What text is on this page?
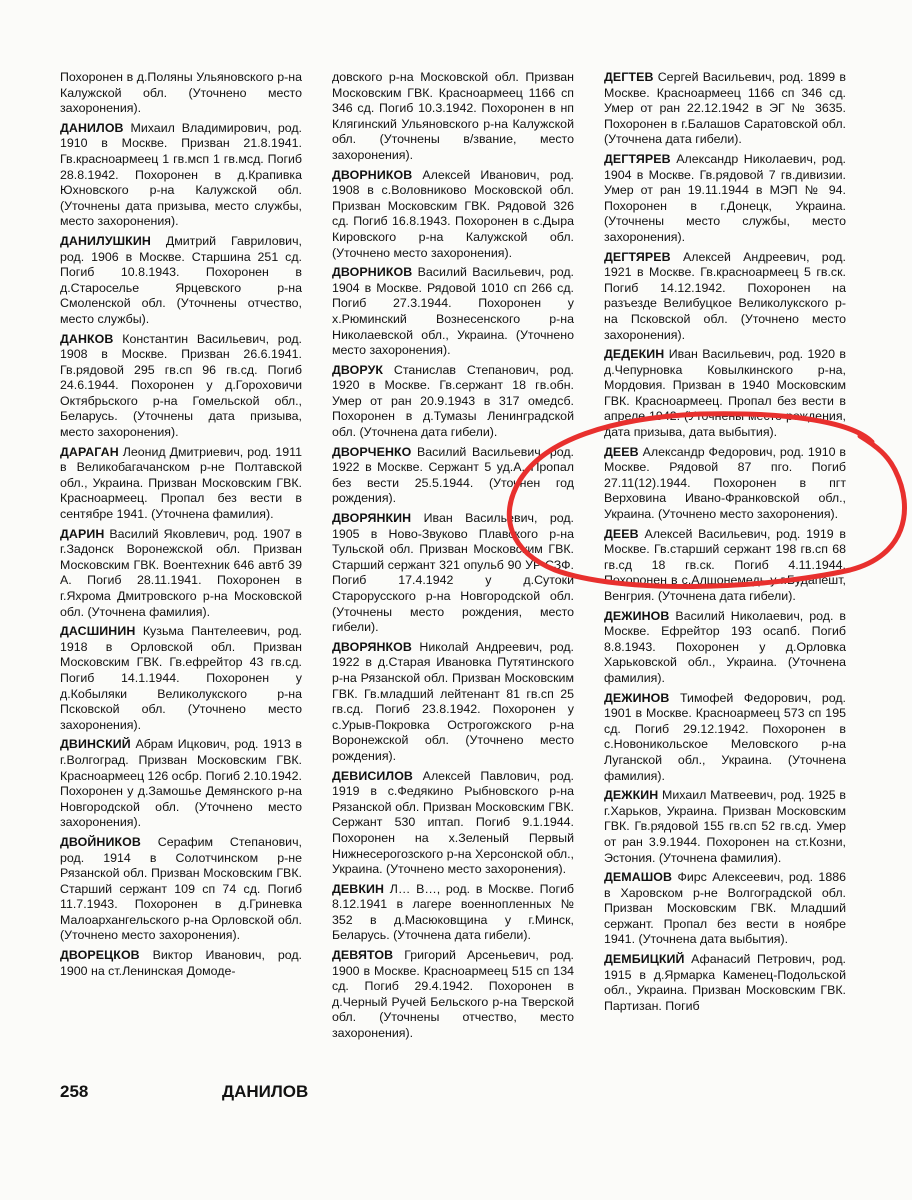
Похоронен в д.Поляны Ульяновского р-на Калужской обл. (Уточнено место захоронения).

ДАНИЛОВ Михаил Владимирович, род. 1910 в Москве. Призван 21.8.1941. Гв.красноармеец 1 гв.мсп 1 гв.мсд. Погиб 28.8.1942. Похоронен в д.Крапивка Юхновского р-на Калужской обл. (Уточнены дата призыва, место службы, место захоронения).

ДАНИЛУШКИН Дмитрий Гаврилович, род. 1906 в Москве. Старшина 251 сд. Погиб 10.8.1943. Похоронен в д.Староселье Ярцевского р-на Смоленской обл. (Уточнены отчество, место службы).

ДАНКОВ Константин Васильевич, род. 1908 в Москве. Призван 26.6.1941. Гв.рядовой 295 гв.сп 96 гв.сд. Погиб 24.6.1944. Похоронен у д.Гороховичи Октябрьского р-на Гомельской обл., Беларусь. (Уточнены дата призыва, место захоронения).

ДАРАГАН Леонид Дмитриевич, род. 1911 в Великобагачанском р-не Полтавской обл., Украина. Призван Московским ГВК. Красноармеец. Пропал без вести в сентябре 1941. (Уточнена фамилия).

ДАРИН Василий Яковлевич, род. 1907 в г.Задонск Воронежской обл. Призван Московским ГВК. Воентехник 646 автб 39 А. Погиб 28.11.1941. Похоронен в г.Яхрома Дмитровского р-на Московской обл. (Уточнена фамилия).

ДАСШИНИН Кузьма Пантелеевич, род. 1918 в Орловской обл. Призван Московским ГВК. Гв.ефрейтор 43 гв.сд. Погиб 14.1.1944. Похоронен у д.Кобыляки Великолукского р-на Псковской обл. (Уточнено место захоронения).

ДВИНСКИЙ Абрам Ицкович, род. 1913 в г.Волгоград. Призван Московским ГВК. Красноармеец 126 осбр. Погиб 2.10.1942. Похоронен у д.Замошье Демянского р-на Новгородской обл. (Уточнено место захоронения).

ДВОЙНИКОВ Серафим Степанович, род. 1914 в Солотчинском р-не Рязанской обл. Призван Московским ГВК. Старший сержант 109 сп 74 сд. Погиб 11.7.1943. Похоронен в д.Гриневка Малоархангельского р-на Орловской обл. (Уточнено место захоронения).

ДВОРЕЦКОВ Виктор Иванович, род. 1900 на ст.Ленинская Домоде-

довского р-на Московской обл. Призван Московским ГВК. Красноармеец 1166 сп 346 сд. Погиб 10.3.1942. Похоронен в нп Клягинский Ульяновского р-на Калужской обл. (Уточнены в/звание, место захоронения).

ДВОРНИКОВ Алексей Иванович, род. 1908 в с.Воловниково Московской обл. Призван Московским ГВК. Рядовой 326 сд. Погиб 16.8.1943. Похоронен в с.Дыра Кировского р-на Калужской обл. (Уточнено место захоронения).

ДВОРНИКОВ Василий Васильевич, род. 1904 в Москве. Рядовой 1010 сп 266 сд. Погиб 27.3.1944. Похоронен у х.Рюминский Вознесенского р-на Николаевской обл., Украина. (Уточнено место захоронения).

ДВОРУК Станислав Степанович, род. 1920 в Москве. Гв.сержант 18 гв.обн. Умер от ран 20.9.1943 в 317 омедсб. Похоронен в д.Тумазы Ленинградской обл. (Уточнена дата гибели).

ДВОРЧЕНКО Василий Васильевич, род. 1922 в Москве. Сержант 5 уд.А. Пропал без вести 25.5.1944. (Уточнен год рождения).

ДВОРЯНКИН Иван Васильевич, род. 1905 в Ново-Звуково Плавского р-на Тульской обл. Призван Московским ГВК. Старший сержант 321 опульб 90 УР СЗФ. Погиб 17.4.1942 у д.Сутоки Старорусского р-на Новгородской обл. (Уточнены место рождения, место гибели).

ДВОРЯНКОВ Николай Андреевич, род. 1922 в д.Старая Ивановка Путятинского р-на Рязанской обл. Призван Московским ГВК. Гв.младший лейтенант 81 гв.сп 25 гв.сд. Погиб 23.8.1942. Похоронен у с.Урыв-Покровка Острогожского р-на Воронежской обл. (Уточнено место рождения).

ДЕВИСИЛОВ Алексей Павлович, род. 1919 в с.Федякино Рыбновского р-на Рязанской обл. Призван Московским ГВК. Сержант 530 иптап. Погиб 9.1.1944. Похоронен на х.Зеленый Первый Нижнесерогозского р-на Херсонской обл., Украина. (Уточнено место захоронения).

ДЕВКИН Л… В…, род. в Москве. Погиб 8.12.1941 в лагере военнопленных № 352 в д.Масюковщина у г.Минск, Беларусь. (Уточнена дата гибели).

ДЕВЯТОВ Григорий Арсеньевич, род. 1900 в Москве. Красноармеец 515 сп 134 сд. Погиб 29.4.1942. Похоронен в д.Черный Ручей Бельского р-на Тверской обл. (Уточнены отчество, место захоронения).

ДЕГТЕВ Сергей Васильевич, род. 1899 в Москве. Красноармеец 1166 сп 346 сд. Умер от ран 22.12.1942 в ЭГ № 3635. Похоронен в г.Балашов Саратовской обл. (Уточнена дата гибели).

ДЕГТЯРЕВ Александр Николаевич, род. 1904 в Москве. Гв.рядовой 7 гв.дивизии. Умер от ран 19.11.1944 в МЭП № 94. Похоронен в г.Донецк, Украина. (Уточнены место службы, место захоронения).

ДЕГТЯРЕВ Алексей Андреевич, род. 1921 в Москве. Гв.красноармеец 5 гв.ск. Погиб 14.12.1942. Похоронен на разъезде Велибуцкое Великолукского р-на Псковской обл. (Уточнено место захоронения).

ДЕДЕКИН Иван Васильевич, род. 1920 в д.Чепурновка Ковылкинского р-на, Мордовия. Призван в 1940 Московским ГВК. Красноармеец. Пропал без вести в апреле 1942. (Уточнены место рождения, дата призыва, дата выбытия).

ДЕЕВ Александр Федорович, род. 1910 в Москве. Рядовой 87 пго. Погиб 27.11(12).1944. Похоронен в пгт Верховина Ивано-Франковской обл., Украина. (Уточнено место захоронения).

ДЕЕВ Алексей Васильевич, род. 1919 в Москве. Гв.старший сержант 198 гв.сп 68 гв.сд 18 гв.ск. Погиб 4.11.1944. Похоронен в с.Алшонемедь у г.Будапешт, Венгрия. (Уточнена дата гибели).

ДЕЖИНОВ Василий Николаевич, род. в Москве. Ефрейтор 193 осапб. Погиб 8.8.1943. Похоронен у д.Орловка Харьковской обл., Украина. (Уточнена фамилия).

ДЕЖИНОВ Тимофей Федорович, род. 1901 в Москве. Красноармеец 573 сп 195 сд. Погиб 29.12.1942. Похоронен в с.Новоникольское Меловского р-на Луганской обл., Украина. (Уточнена фамилия).

ДЕЖКИН Михаил Матвеевич, род. 1925 в г.Харьков, Украина. Призван Московским ГВК. Гв.рядовой 155 гв.сп 52 гв.сд. Умер от ран 3.9.1944. Похоронен на ст.Козни, Эстония. (Уточнена фамилия).

ДЕМАШОВ Фирс Алексеевич, род. 1886 в Харовском р-не Волгоградской обл. Призван Московским ГВК. Младший сержант. Пропал без вести в ноябре 1941. (Уточнена дата выбытия).

ДЕМБИЦКИЙ Афанасий Петрович, род. 1915 в д.Ярмарка Каменец-Подольской обл., Украина. Призван Московским ГВК. Партизан. Погиб

258	ДАНИЛОВ
